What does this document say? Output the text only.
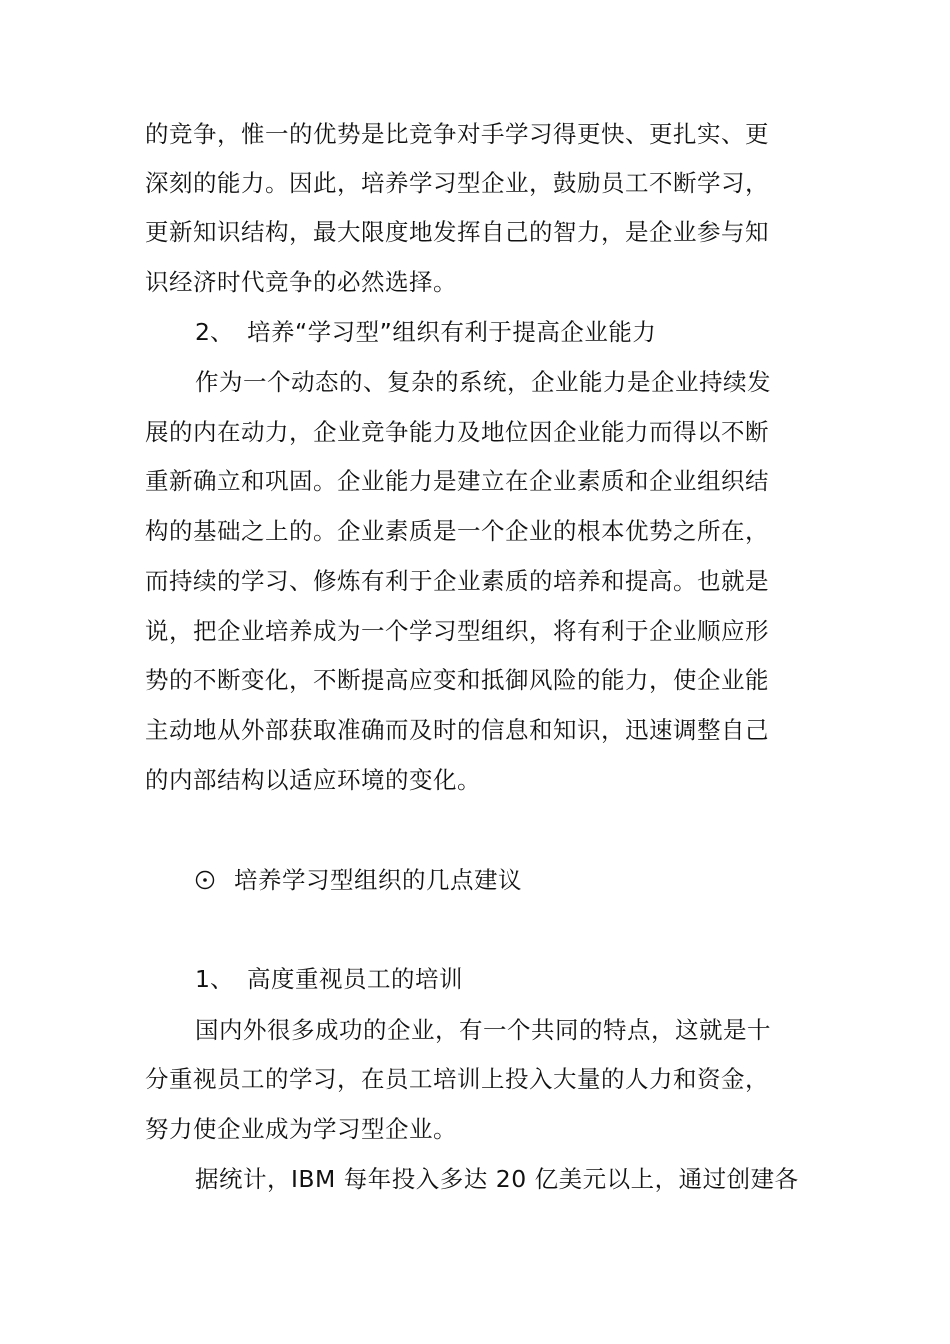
的竞争，惟一的优势是比竞争对手学习得更快、更扎实、更
深刻的能力。因此，培养学习型企业，鼓励员工不断学习，
更新知识结构，最大限度地发挥自己的智力，是企业参与知
识经济时代竞争的必然选择。
2、 培养“学习型”组织有利于提高企业能力
作为一个动态的、复杂的系统，企业能力是企业持续发
展的内在动力，企业竞争能力及地位因企业能力而得以不断
重新确立和巩固。企业能力是建立在企业素质和企业组织结
构的基础之上的。企业素质是一个企业的根本优势之所在，
而持续的学习、修炼有利于企业素质的培养和提高。也就是
说，把企业培养成为一个学习型组织，将有利于企业顺应形
势的不断变化，不断提高应变和抵御风险的能力，使企业能
主动地从外部获取准确而及时的信息和知识，迅速调整自己
的内部结构以适应环境的变化。
培养学习型组织的几点建议
1、 高度重视员工的培训
国内外很多成功的企业，有一个共同的特点，这就是十
分重视员工的学习，在员工培训上投入大量的人力和资金，
努力使企业成为学习型企业。
据统计，IBM 每年投入多达 20 亿美元以上，通过创建各
